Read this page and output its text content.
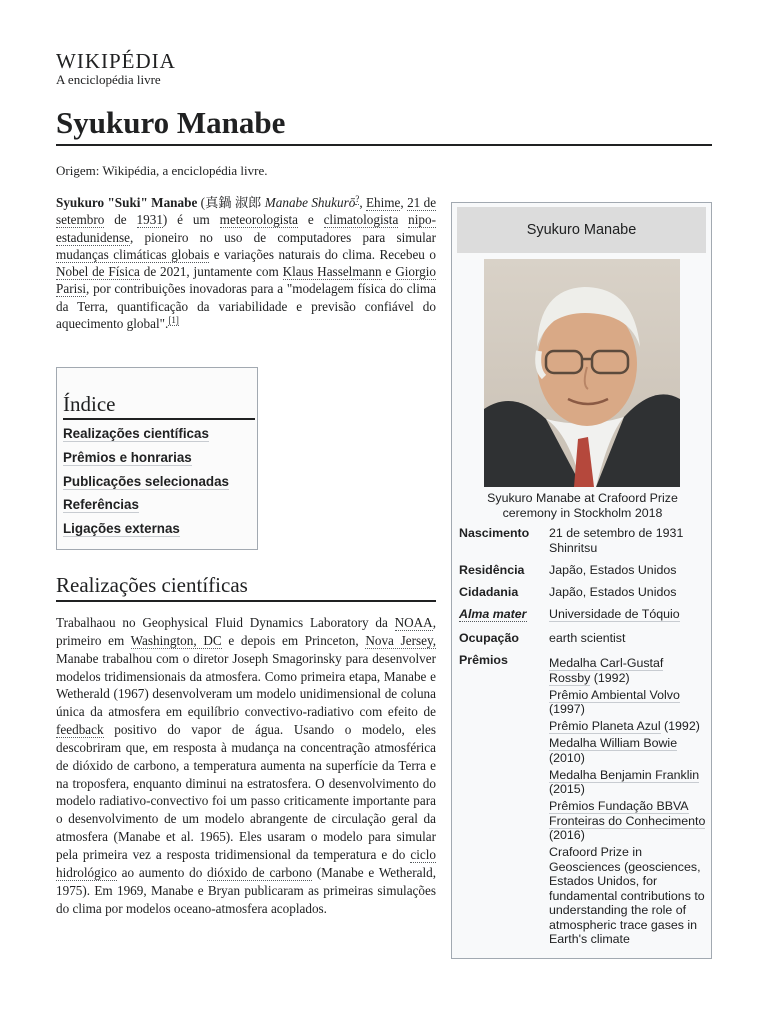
WIKIPÉDIA
A enciclopédia livre
Syukuro Manabe
Origem: Wikipédia, a enciclopédia livre.

Syukuro "Suki" Manabe (真鍋 淑郎 Manabe Shukurō?, Ehime, 21 de setembro de 1931) é um meteorologista e climatologista nipo-estadunidense, pioneiro no uso de computadores para simular mudanças climáticas globais e variações naturais do clima. Recebeu o Nobel de Física de 2021, juntamente com Klaus Hasselmann e Giorgio Parisi, por contribuições inovadoras para a "modelagem física do clima da Terra, quantificação da variabilidade e previsão confiável do aquecimento global".[1]

Índice
Realizações científicas
Prêmios e honrarias
Publicações selecionadas
Referências
Ligações externas
Realizações científicas

Trabalhaou no Geophysical Fluid Dynamics Laboratory da NOAA, primeiro em Washington, DC e depois em Princeton, Nova Jersey, Manabe trabalhou com o diretor Joseph Smagorinsky para desenvolver modelos tridimensionais da atmosfera. Como primeira etapa, Manabe e Wetherald (1967) desenvolveram um modelo unidimensional de coluna única da atmosfera em equilíbrio convectivo-radiativo com efeito de feedback positivo do vapor de água. Usando o modelo, eles descobriram que, em resposta à mudança na concentração atmosférica de dióxido de carbono, a temperatura aumenta na superfície da Terra e na troposfera, enquanto diminui na estratosfera. O desenvolvimento do modelo radiativo-convectivo foi um passo criticamente importante para o desenvolvimento de um modelo abrangente de circulação geral da atmosfera (Manabe et al. 1965). Eles usaram o modelo para simular pela primeira vez a resposta tridimensional da temperatura e do ciclo hidrológico ao aumento do dióxido de carbono (Manabe e Wetherald, 1975). Em 1969, Manabe e Bryan publicaram as primeiras simulações do clima por modelos oceano-atmosfera acoplados.

Syukuro Manabe
Syukuro Manabe at Crafoord Prize ceremony in Stockholm 2018
Nascimento	21 de setembro de 1931
Shinritsu
Residência	Japão, Estados Unidos
Cidadania	Japão, Estados Unidos
Alma mater	Universidade de Tóquio
Ocupação	earth scientist
Prêmios	Medalha Carl-Gustaf Rossby (1992)
Prêmio Ambiental Volvo (1997)
Prêmio Planeta Azul (1992)
Medalha William Bowie (2010)
Medalha Benjamin Franklin (2015)
Prêmios Fundação BBVA Fronteiras do Conhecimento (2016)
Crafoord Prize in Geosciences (geosciences, Estados Unidos, for fundamental contributions to understanding the role of atmospheric trace gases in Earth's climate
